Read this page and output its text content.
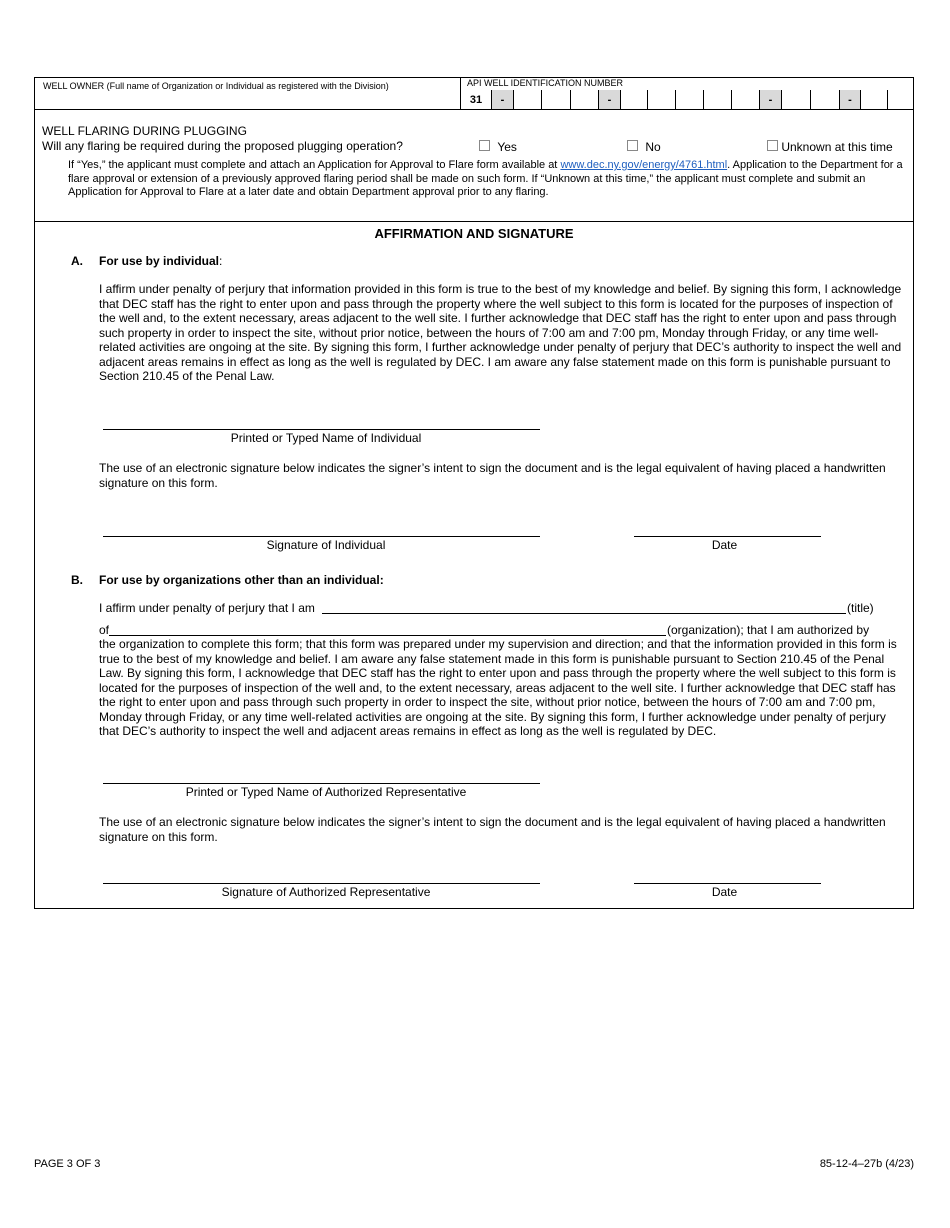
WELL OWNER (Full name of Organization or Individual as registered with the Division)	API WELL IDENTIFICATION NUMBER
31	-	-	-	-
WELL FLARING DURING PLUGGING
Will any flaring be required during the proposed plugging operation?	Yes	No	Unknown at this time
If “Yes,” the applicant must complete and attach an Application for Approval to Flare form available at www.dec.ny.gov/energy/4761.html. Application to the Department for a flare approval or extension of a previously approved flaring period shall be made on such form. If “Unknown at this time,” the applicant must complete and submit an Application for Approval to Flare at a later date and obtain Department approval prior to any flaring.
AFFIRMATION AND SIGNATURE
A. For use by individual:

I affirm under penalty of perjury that information provided in this form is true to the best of my knowledge and belief. By signing this form, I acknowledge that DEC staff has the right to enter upon and pass through the property where the well subject to this form is located for the purposes of inspection of the well and, to the extent necessary, areas adjacent to the well site. I further acknowledge that DEC staff has the right to enter upon and pass through such property in order to inspect the site, without prior notice, between the hours of 7:00 am and 7:00 pm, Monday through Friday, or any time well-related activities are ongoing at the site. By signing this form, I further acknowledge under penalty of perjury that DEC’s authority to inspect the well and adjacent areas remains in effect as long as the well is regulated by DEC. I am aware any false statement made on this form is punishable pursuant to Section 210.45 of the Penal Law.

Printed or Typed Name of Individual

The use of an electronic signature below indicates the signer’s intent to sign the document and is the legal equivalent of having placed a handwritten signature on this form.

Signature of Individual	Date
B. For use by organizations other than an individual:
I affirm under penalty of perjury that I am	(title)
of	(organization); that I am authorized by

the organization to complete this form; that this form was prepared under my supervision and direction; and that the information provided in this form is true to the best of my knowledge and belief. I am aware any false statement made in this form is punishable pursuant to Section 210.45 of the Penal Law. By signing this form, I acknowledge that DEC staff has the right to enter upon and pass through the property where the well subject to this form is located for the purposes of inspection of the well and, to the extent necessary, areas adjacent to the well site. I further acknowledge that DEC staff has the right to enter upon and pass through such property in order to inspect the site, without prior notice, between the hours of 7:00 am and 7:00 pm, Monday through Friday, or any time well-related activities are ongoing at the site. By signing this form, I further acknowledge under penalty of perjury that DEC’s authority to inspect the well and adjacent areas remains in effect as long as the well is regulated by DEC.

Printed or Typed Name of Authorized Representative

The use of an electronic signature below indicates the signer’s intent to sign the document and is the legal equivalent of having placed a handwritten signature on this form.

Signature of Authorized Representative	Date
PAGE 3 OF 3	85-12-4–27b (4/23)
